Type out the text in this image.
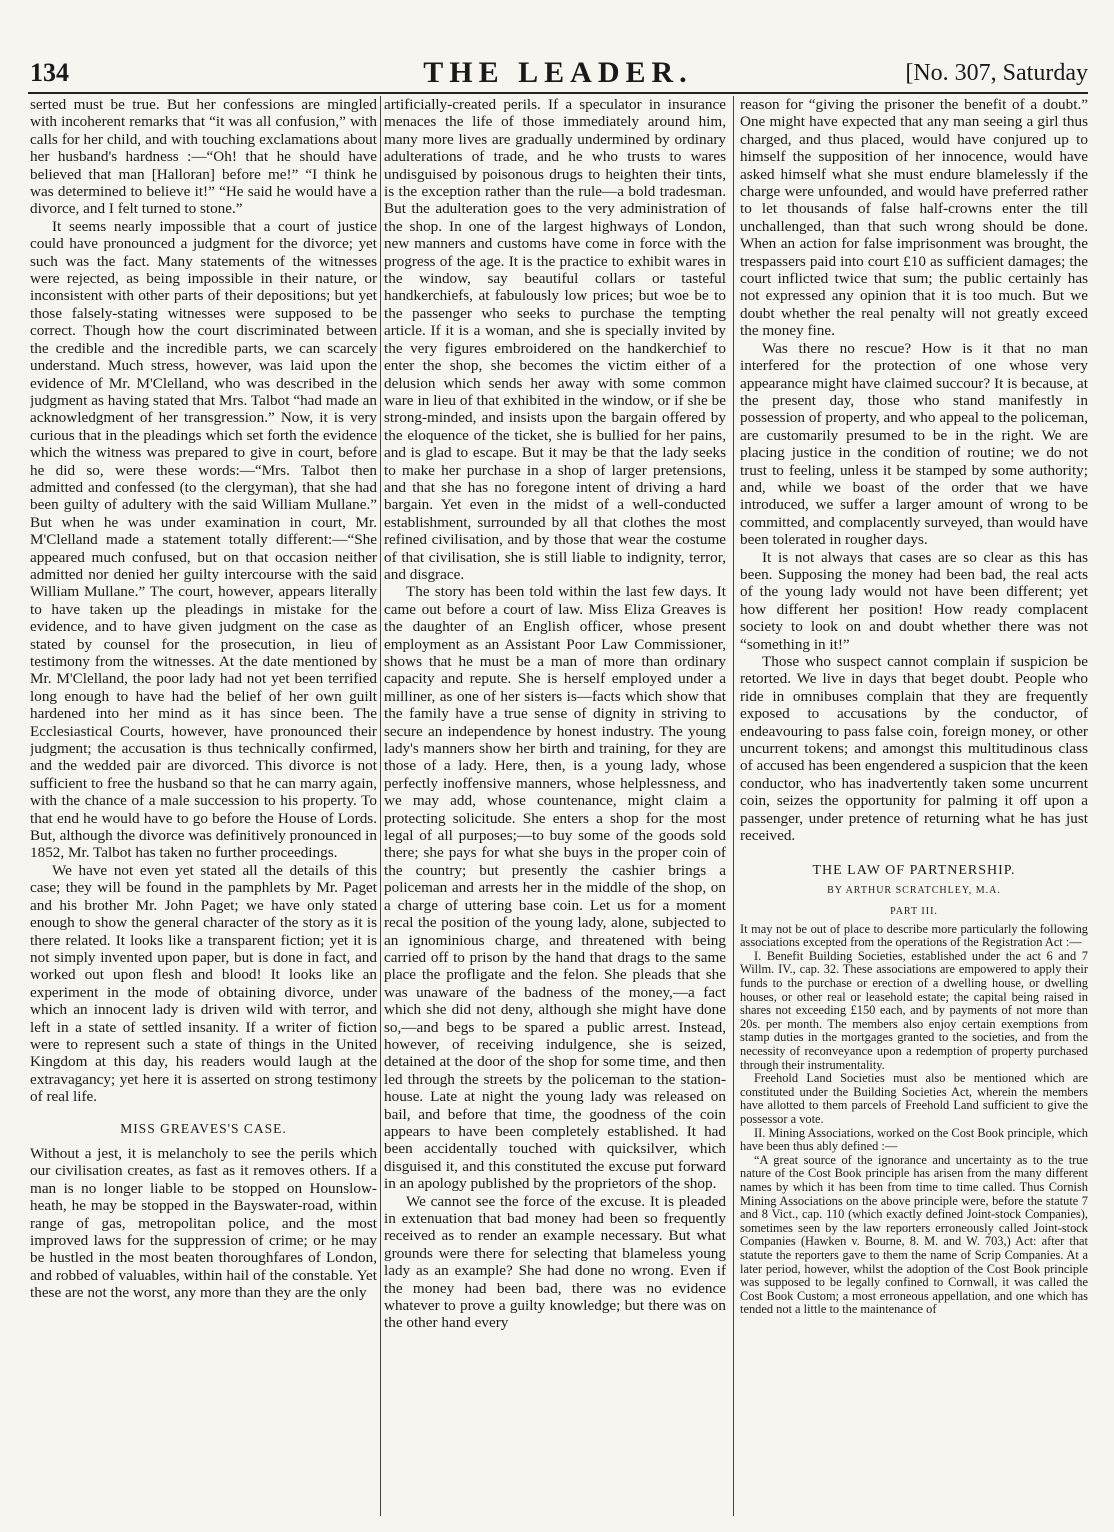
134	THE LEADER.	[No. 307, Saturday

serted must be true. But her confessions are mingled with incoherent remarks that “it was all confusion,” with calls for her child, and with touching exclamations about her husband's hardness :—“Oh! that he should have believed that man [Halloran] before me!” “I think he was determined to believe it!” “He said he would have a divorce, and I felt turned to stone.”

It seems nearly impossible that a court of justice could have pronounced a judgment for the divorce; yet such was the fact. Many statements of the witnesses were rejected, as being impossible in their nature, or inconsistent with other parts of their depositions; but yet those falsely-stating witnesses were supposed to be correct. Though how the court discriminated between the credible and the incredible parts, we can scarcely understand. Much stress, however, was laid upon the evidence of Mr. M'Clelland, who was described in the judgment as having stated that Mrs. Talbot “had made an acknowledgment of her transgression.” Now, it is very curious that in the pleadings which set forth the evidence which the witness was prepared to give in court, before he did so, were these words:—“Mrs. Talbot then admitted and confessed (to the clergyman), that she had been guilty of adultery with the said William Mullane.” But when he was under examination in court, Mr. M'Clelland made a statement totally different:—“She appeared much confused, but on that occasion neither admitted nor denied her guilty intercourse with the said William Mullane.” The court, however, appears literally to have taken up the pleadings in mistake for the evidence, and to have given judgment on the case as stated by counsel for the prosecution, in lieu of testimony from the witnesses. At the date mentioned by Mr. M'Clelland, the poor lady had not yet been terrified long enough to have had the belief of her own guilt hardened into her mind as it has since been. The Ecclesiastical Courts, however, have pronounced their judgment; the accusation is thus technically confirmed, and the wedded pair are divorced. This divorce is not sufficient to free the husband so that he can marry again, with the chance of a male succession to his property. To that end he would have to go before the House of Lords. But, although the divorce was definitively pronounced in 1852, Mr. Talbot has taken no further proceedings.

We have not even yet stated all the details of this case; they will be found in the pamphlets by Mr. Paget and his brother Mr. John Paget; we have only stated enough to show the general character of the story as it is there related. It looks like a transparent fiction; yet it is not simply invented upon paper, but is done in fact, and worked out upon flesh and blood! It looks like an experiment in the mode of obtaining divorce, under which an innocent lady is driven wild with terror, and left in a state of settled insanity. If a writer of fiction were to represent such a state of things in the United Kingdom at this day, his readers would laugh at the extravagancy; yet here it is asserted on strong testimony of real life.

MISS GREAVES'S CASE.

Without a jest, it is melancholy to see the perils which our civilisation creates, as fast as it removes others. If a man is no longer liable to be stopped on Hounslow-heath, he may be stopped in the Bayswater-road, within range of gas, metropolitan police, and the most improved laws for the suppression of crime; or he may be hustled in the most beaten thoroughfares of London, and robbed of valuables, within hail of the constable. Yet these are not the worst, any more than they are the only

artificially-created perils. If a speculator in insurance menaces the life of those immediately around him, many more lives are gradually undermined by ordinary adulterations of trade, and he who trusts to wares undisguised by poisonous drugs to heighten their tints, is the exception rather than the rule—a bold tradesman. But the adulteration goes to the very administration of the shop. In one of the largest highways of London, new manners and customs have come in force with the progress of the age. It is the practice to exhibit wares in the window, say beautiful collars or tasteful handkerchiefs, at fabulously low prices; but woe be to the passenger who seeks to purchase the tempting article. If it is a woman, and she is specially invited by the very figures embroidered on the handkerchief to enter the shop, she becomes the victim either of a delusion which sends her away with some common ware in lieu of that exhibited in the window, or if she be strong-minded, and insists upon the bargain offered by the eloquence of the ticket, she is bullied for her pains, and is glad to escape. But it may be that the lady seeks to make her purchase in a shop of larger pretensions, and that she has no foregone intent of driving a hard bargain. Yet even in the midst of a well-conducted establishment, surrounded by all that clothes the most refined civilisation, and by those that wear the costume of that civilisation, she is still liable to indignity, terror, and disgrace.

The story has been told within the last few days. It came out before a court of law. Miss Eliza Greaves is the daughter of an English officer, whose present employment as an Assistant Poor Law Commissioner, shows that he must be a man of more than ordinary capacity and repute. She is herself employed under a milliner, as one of her sisters is—facts which show that the family have a true sense of dignity in striving to secure an independence by honest industry. The young lady's manners show her birth and training, for they are those of a lady. Here, then, is a young lady, whose perfectly inoffensive manners, whose helplessness, and we may add, whose countenance, might claim a protecting solicitude. She enters a shop for the most legal of all purposes;—to buy some of the goods sold there; she pays for what she buys in the proper coin of the country; but presently the cashier brings a policeman and arrests her in the middle of the shop, on a charge of uttering base coin. Let us for a moment recal the position of the young lady, alone, subjected to an ignominious charge, and threatened with being carried off to prison by the hand that drags to the same place the profligate and the felon. She pleads that she was unaware of the badness of the money,—a fact which she did not deny, although she might have done so,—and begs to be spared a public arrest. Instead, however, of receiving indulgence, she is seized, detained at the door of the shop for some time, and then led through the streets by the policeman to the station-house. Late at night the young lady was released on bail, and before that time, the goodness of the coin appears to have been completely established. It had been accidentally touched with quicksilver, which disguised it, and this constituted the excuse put forward in an apology published by the proprietors of the shop.

We cannot see the force of the excuse. It is pleaded in extenuation that bad money had been so frequently received as to render an example necessary. But what grounds were there for selecting that blameless young lady as an example? She had done no wrong. Even if the money had been bad, there was no evidence whatever to prove a guilty knowledge; but there was on the other hand every

reason for “giving the prisoner the benefit of a doubt.” One might have expected that any man seeing a girl thus charged, and thus placed, would have conjured up to himself the supposition of her innocence, would have asked himself what she must endure blamelessly if the charge were unfounded, and would have preferred rather to let thousands of false half-crowns enter the till unchallenged, than that such wrong should be done. When an action for false imprisonment was brought, the trespassers paid into court £10 as sufficient damages; the court inflicted twice that sum; the public certainly has not expressed any opinion that it is too much. But we doubt whether the real penalty will not greatly exceed the money fine.

Was there no rescue? How is it that no man interfered for the protection of one whose very appearance might have claimed succour? It is because, at the present day, those who stand manifestly in possession of property, and who appeal to the policeman, are customarily presumed to be in the right. We are placing justice in the condition of routine; we do not trust to feeling, unless it be stamped by some authority; and, while we boast of the order that we have introduced, we suffer a larger amount of wrong to be committed, and complacently surveyed, than would have been tolerated in rougher days.

It is not always that cases are so clear as this has been. Supposing the money had been bad, the real acts of the young lady would not have been different; yet how different her position! How ready complacent society to look on and doubt whether there was not “something in it!”

Those who suspect cannot complain if suspicion be retorted. We live in days that beget doubt. People who ride in omnibuses complain that they are frequently exposed to accusations by the conductor, of endeavouring to pass false coin, foreign money, or other uncurrent tokens; and amongst this multitudinous class of accused has been engendered a suspicion that the keen conductor, who has inadvertently taken some uncurrent coin, seizes the opportunity for palming it off upon a passenger, under pretence of returning what he has just received.

THE LAW OF PARTNERSHIP.
BY ARTHUR SCRATCHLEY, M.A.
PART III.

It may not be out of place to describe more particularly the following associations excepted from the operations of the Registration Act :—

I. Benefit Building Societies, established under the act 6 and 7 Willm. IV., cap. 32. These associations are empowered to apply their funds to the purchase or erection of a dwelling house, or dwelling houses, or other real or leasehold estate; the capital being raised in shares not exceeding £150 each, and by payments of not more than 20s. per month. The members also enjoy certain exemptions from stamp duties in the mortgages granted to the societies, and from the necessity of reconveyance upon a redemption of property purchased through their instrumentality.

Freehold Land Societies must also be mentioned which are constituted under the Building Societies Act, wherein the members have allotted to them parcels of Freehold Land sufficient to give the possessor a vote.

II. Mining Associations, worked on the Cost Book principle, which have been thus ably defined :—

“A great source of the ignorance and uncertainty as to the true nature of the Cost Book principle has arisen from the many different names by which it has been from time to time called. Thus Cornish Mining Associations on the above principle were, before the statute 7 and 8 Vict., cap. 110 (which exactly defined Joint-stock Companies), sometimes seen by the law reporters erroneously called Joint-stock Companies (Hawken v. Bourne, 8. M. and W. 703,) Act: after that statute the reporters gave to them the name of Scrip Companies. At a later period, however, whilst the adoption of the Cost Book principle was supposed to be legally confined to Cornwall, it was called the Cost Book Custom; a most erroneous appellation, and one which has tended not a little to the maintenance of
